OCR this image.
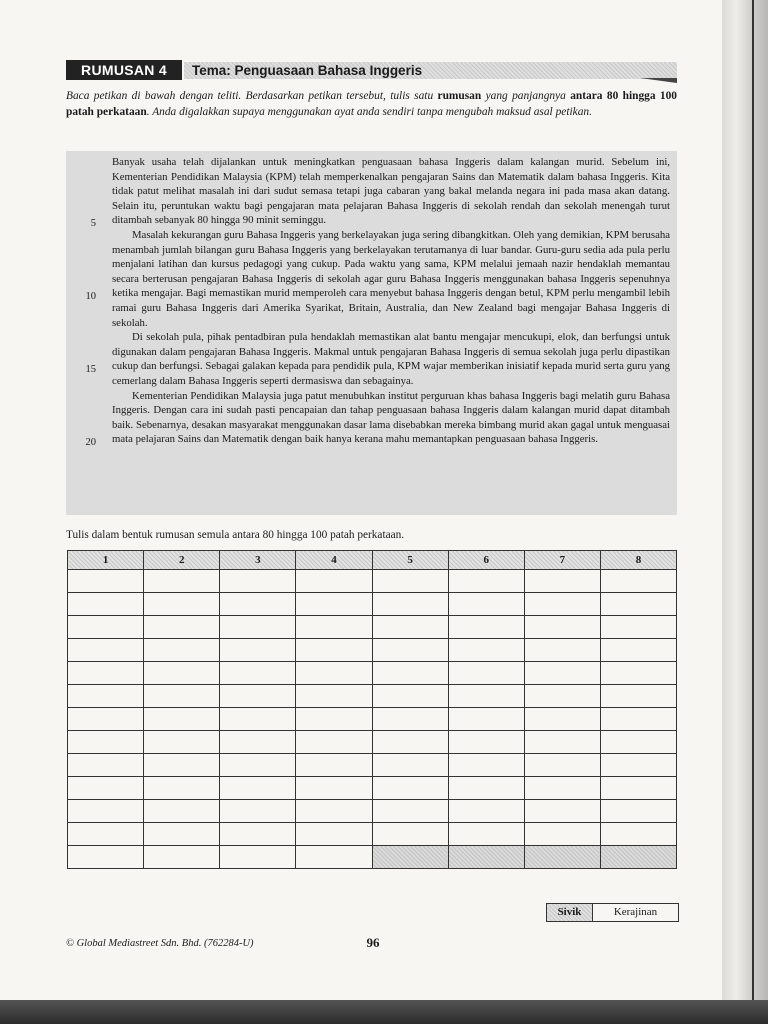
RUMUSAN 4	Tema: Penguasaan Bahasa Inggeris
Baca petikan di bawah dengan teliti. Berdasarkan petikan tersebut, tulis satu rumusan yang panjangnya antara 80 hingga 100 patah perkataan. Anda digalakkan supaya menggunakan ayat anda sendiri tanpa mengubah maksud asal petikan.
5
10
15
20

Banyak usaha telah dijalankan untuk meningkatkan penguasaan bahasa Inggeris dalam kalangan murid. Sebelum ini, Kementerian Pendidikan Malaysia (KPM) telah memperkenalkan pengajaran Sains dan Matematik dalam bahasa Inggeris. Kita tidak patut melihat masalah ini dari sudut semasa tetapi juga cabaran yang bakal melanda negara ini pada masa akan datang. Selain itu, peruntukan waktu bagi pengajaran mata pelajaran Bahasa Inggeris di sekolah rendah dan sekolah menengah turut ditambah sebanyak 80 hingga 90 minit seminggu.

Masalah kekurangan guru Bahasa Inggeris yang berkelayakan juga sering dibangkitkan. Oleh yang demikian, KPM berusaha menambah jumlah bilangan guru Bahasa Inggeris yang berkelayakan terutamanya di luar bandar. Guru-guru sedia ada pula perlu menjalani latihan dan kursus pedagogi yang cukup. Pada waktu yang sama, KPM melalui jemaah nazir hendaklah memantau secara berterusan pengajaran Bahasa Inggeris di sekolah agar guru Bahasa Inggeris menggunakan bahasa Inggeris sepenuhnya ketika mengajar. Bagi memastikan murid memperoleh cara menyebut bahasa Inggeris dengan betul, KPM perlu mengambil lebih ramai guru Bahasa Inggeris dari Amerika Syarikat, Britain, Australia, dan New Zealand bagi mengajar Bahasa Inggeris di sekolah.

Di sekolah pula, pihak pentadbiran pula hendaklah memastikan alat bantu mengajar mencukupi, elok, dan berfungsi untuk digunakan dalam pengajaran Bahasa Inggeris. Makmal untuk pengajaran Bahasa Inggeris di semua sekolah juga perlu dipastikan cukup dan berfungsi. Sebagai galakan kepada para pendidik pula, KPM wajar memberikan inisiatif kepada murid serta guru yang cemerlang dalam Bahasa Inggeris seperti dermasiswa dan sebagainya.

Kementerian Pendidikan Malaysia juga patut menubuhkan institut perguruan khas bahasa Inggeris bagi melatih guru Bahasa Inggeris. Dengan cara ini sudah pasti pencapaian dan tahap penguasaan bahasa Inggeris dalam kalangan murid dapat ditambah baik. Sebenarnya, desakan masyarakat menggunakan dasar lama disebabkan mereka bimbang murid akan gagal untuk menguasai mata pelajaran Sains dan Matematik dengan baik hanya kerana mahu memantapkan penguasaan bahasa Inggeris.

Tulis dalam bentuk rumusan semula antara 80 hingga 100 patah perkataan.
1	2	3	4	5	6	7	8

Sivik	Kerajinan
© Global Mediastreet Sdn. Bhd. (762284-U)	96
